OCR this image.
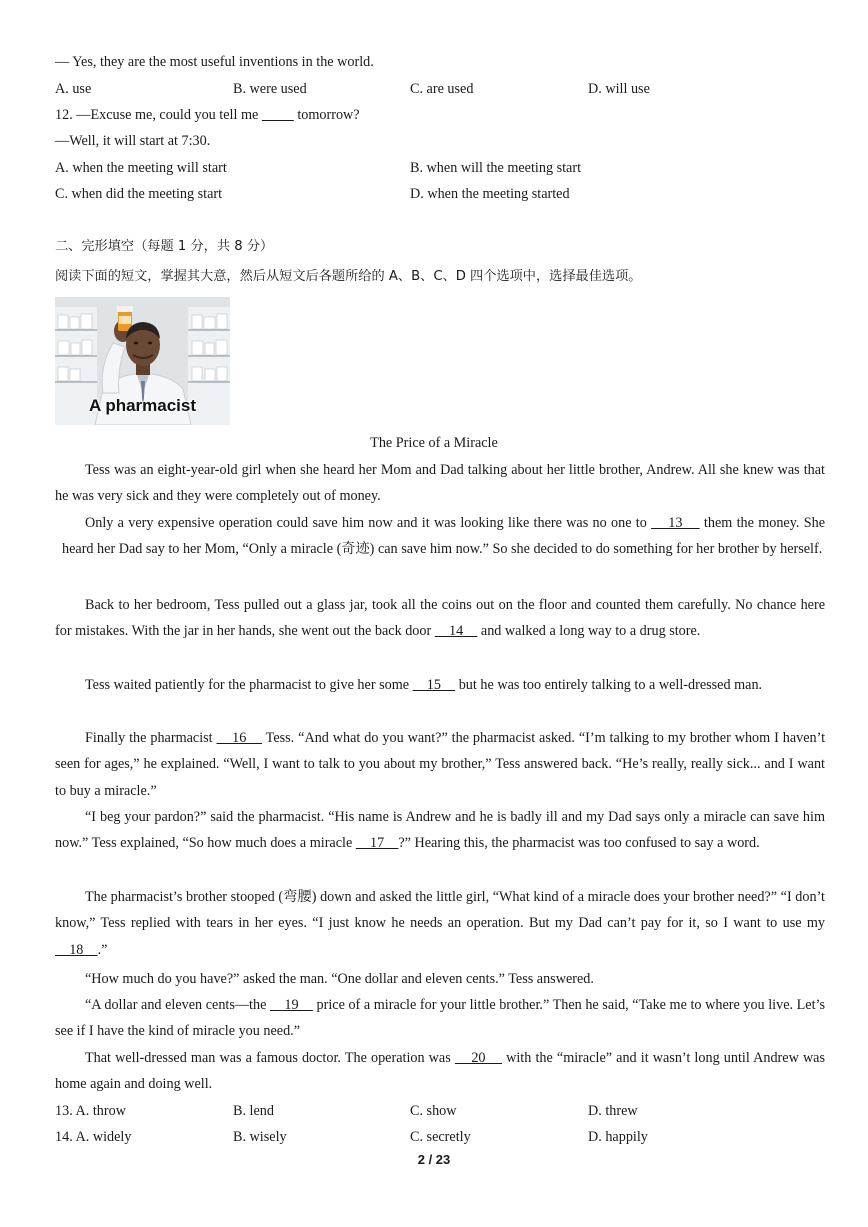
— Yes, they are the most useful inventions in the world.
A. use	B. were used	C. are used	D. will use
12. —Excuse me, could you tell me           tomorrow?
—Well, it will start at 7:30.
A. when the meeting will start	B. when will the meeting start
C. when did the meeting start	D. when the meeting started
二、完形填空（每题 1 分，共 8 分）
阅读下面的短文，掌握其大意，然后从短文后各题所给的 A、B、C、D 四个选项中，选择最佳选项。
A pharmacist
The Price of a Miracle
Tess was an eight-year-old girl when she heard her Mom and Dad talking about her little brother, Andrew. All she knew was that he was very sick and they were completely out of money.
Only a very expensive operation could save him now and it was looking like there was no one to     13     them the money. She heard her Dad say to her Mom, “Only a miracle (奇迹) can save him now.” So she decided to do something for her brother by herself.
Back to her bedroom, Tess pulled out a glass jar, took all the coins out on the floor and counted them carefully. No chance here for mistakes. With the jar in her hands, she went out the back door     14     and walked a long way to a drug store.
Tess waited patiently for the pharmacist to give her some     15     but he was too entirely talking to a well-dressed man.
Finally the pharmacist     16     Tess. “And what do you want?” the pharmacist asked. “I’m talking to my brother whom I haven’t seen for ages,” he explained. “Well, I want to talk to you about my brother,” Tess answered back. “He’s really, really sick... and I want to buy a miracle.”
“I beg your pardon?” said the pharmacist. “His name is Andrew and he is badly ill and my Dad says only a miracle can save him now.” Tess explained, “So how much does a miracle     17    ?” Hearing this, the pharmacist was too confused to say a word.
The pharmacist’s brother stooped (弯腰) down and asked the little girl, “What kind of a miracle does your brother need?” “I don’t know,” Tess replied with tears in her eyes. “I just know he needs an operation. But my Dad can’t pay for it, so I want to use my     18    .”
“How much do you have?” asked the man. “One dollar and eleven cents.” Tess answered.
“A dollar and eleven cents—the     19     price of a miracle for your little brother.” Then he said, “Take me to where you live. Let’s see if I have the kind of miracle you need.”
That well-dressed man was a famous doctor. The operation was     20     with the “miracle” and it wasn’t long until Andrew was home again and doing well.
13. A. throw	B. lend	C. show	D. threw
14. A. widely	B. wisely	C. secretly	D. happily
2 / 23
